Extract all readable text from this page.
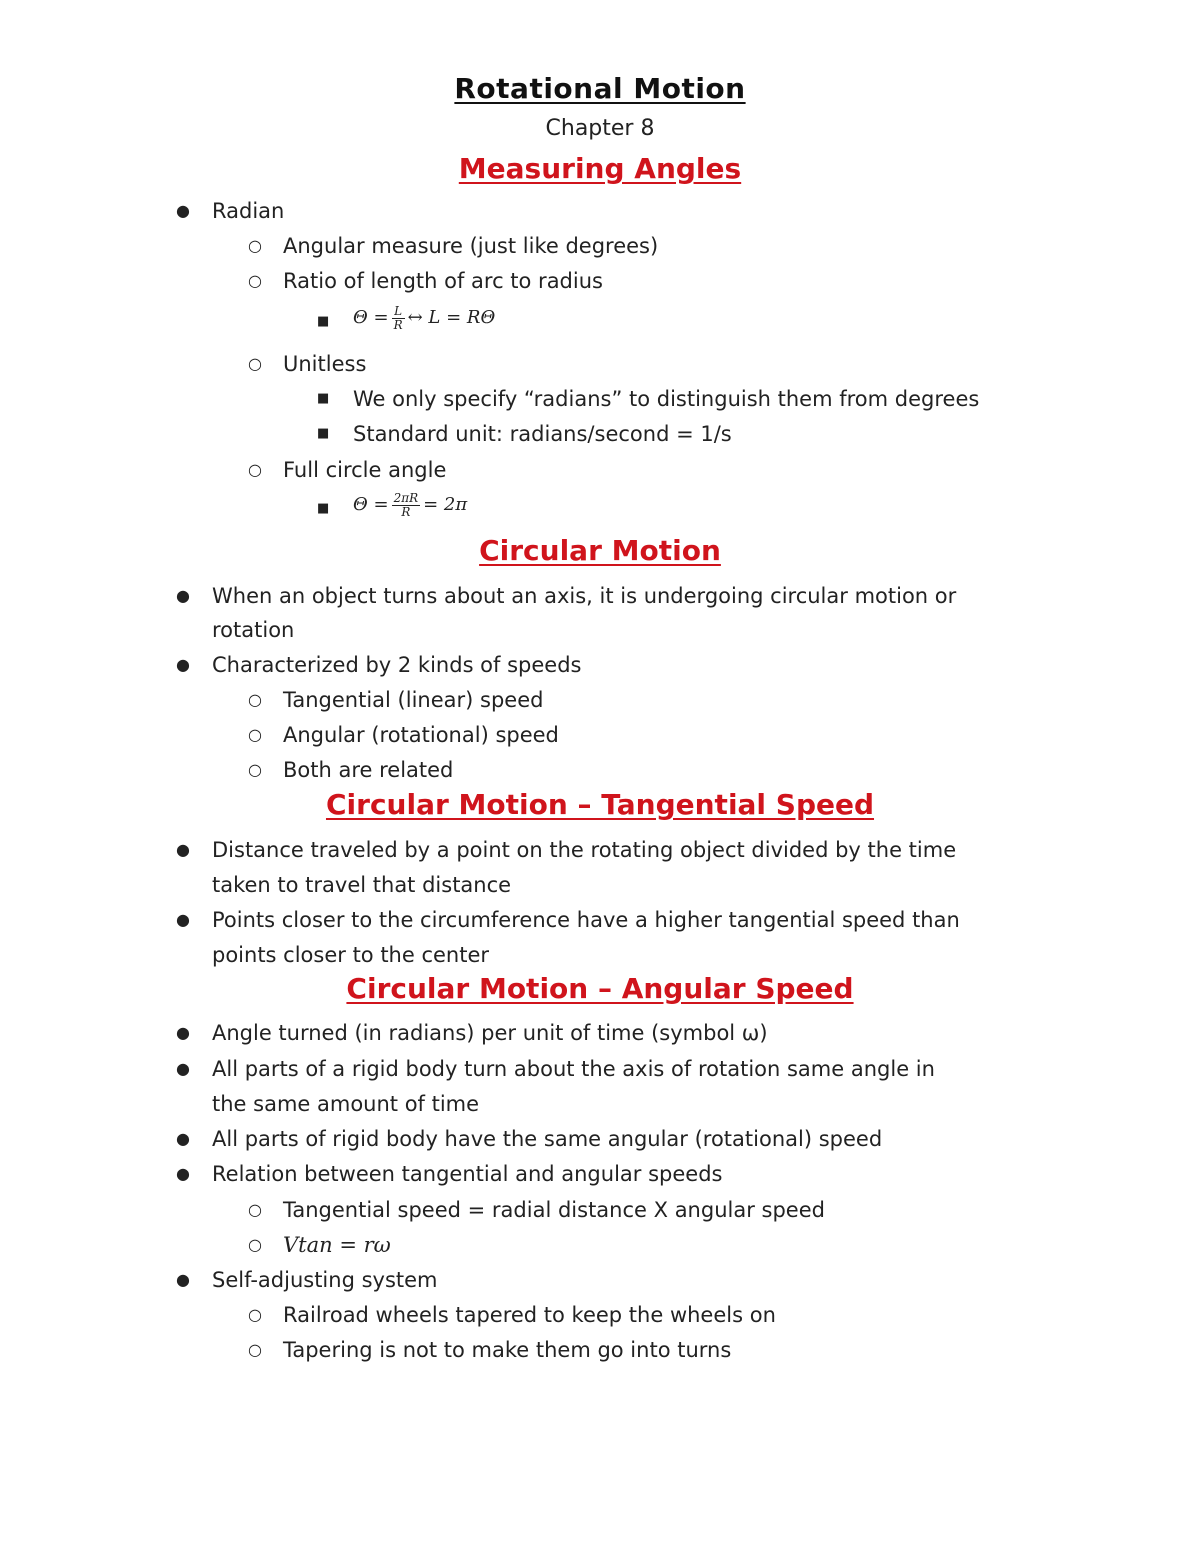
Rotational Motion
Chapter 8
Measuring Angles
● Radian
○ Angular measure (just like degrees)
○ Ratio of length of arc to radius
■ $\Theta = \frac{L}{R}$ ↔ L = RΘ
○ Unitless
■ We only specify “radians” to distinguish them from degrees
■ Standard unit: radians/second = 1/s
○ Full circle angle
■ $\Theta = \frac{2\pi R}{R} = 2\pi$
Circular Motion
● When an object turns about an axis, it is undergoing circular motion or
rotation
● Characterized by 2 kinds of speeds
○ Tangential (linear) speed
○ Angular (rotational) speed
○ Both are related
Circular Motion – Tangential Speed
● Distance traveled by a point on the rotating object divided by the time
taken to travel that distance
● Points closer to the circumference have a higher tangential speed than
points closer to the center
Circular Motion – Angular Speed
● Angle turned (in radians) per unit of time (symbol ω)
● All parts of a rigid body turn about the axis of rotation same angle in
the same amount of time
● All parts of rigid body have the same angular (rotational) speed
● Relation between tangential and angular speeds
○ Tangential speed = radial distance X angular speed
○ Vtan = rω
● Self-adjusting system
○ Railroad wheels tapered to keep the wheels on
○ Tapering is not to make them go into turns
